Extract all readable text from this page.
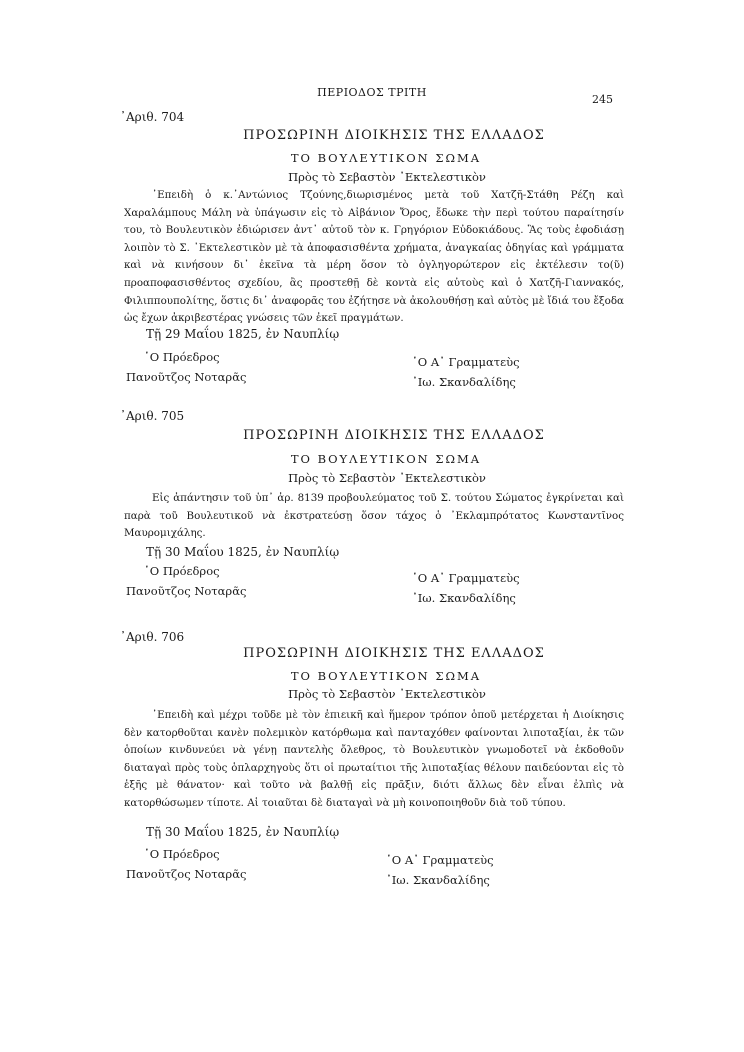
ΠΕΡΙΟΔΟΣ ΤΡΙΤΗ
245
᾽Αριθ. 704
ΠΡΟΣΩΡΙΝΗ ΔΙΟΙΚΗΣΙΣ ΤΗΣ ΕΛΛΑΔΟΣ
ΤΟ ΒΟΥΛΕΥΤΙΚΟΝ ΣΩΜΑ
Πρὸς τὸ Σεβαστὸν ᾽Εκτελεστικὸν
᾽Επειδὴ ὁ κ.᾽Αντώνιος Τζούνης,διωρισμένος μετὰ τοῦ Χατζῆ-Στάθη Ρέζη καὶ Χαραλάμπους Μάλη νὰ ὑπάγωσιν εἰς τὸ Αἰβάνιον Ὄρος, ἔδωκε τὴν περὶ τούτου παραίτησίν του, τὸ Βουλευτικὸν ἐδιώρισεν ἀντ᾽ αὐτοῦ τὸν κ. Γρηγόριον Εὐδοκιάδους. Ἂς τοὺς ἐφοδιάσῃ λοιπὸν τὸ Σ. ᾽Εκτελεστικὸν μὲ τὰ ἀποφασισθέντα χρήματα, ἀναγκαίας ὁδηγίας καὶ γράμματα καὶ νὰ κινήσουν δι᾽ ἐκεῖνα τὰ μέρη ὅσον τὸ ὀγληγορώτερον εἰς ἐκτέλεσιν το(ῦ) προαποφασισθέντος σχεδίου, ἂς προστεθῇ δὲ κοντὰ εἰς αὐτοὺς καὶ ὁ Χατζῆ-Γιαννακός, Φιλιππουπολίτης, ὅστις δι᾽ ἀναφορᾶς του ἐζήτησε νὰ ἀκολουθήσῃ καὶ αὐτὸς μὲ ἴδιά του ἔξοδα ὡς ἔχων ἀκριβεστέρας γνώσεις τῶν ἐκεῖ πραγμάτων.
Τῇ 29 Μαΐου 1825, ἐν Ναυπλίῳ
῾Ο Πρόεδρος
Πανοῦτζος Νοταρᾶς
῾Ο Α᾽ Γραμματεὺς
᾽Ιω. Σκανδαλίδης
᾽Αριθ. 705
ΠΡΟΣΩΡΙΝΗ ΔΙΟΙΚΗΣΙΣ ΤΗΣ ΕΛΛΑΔΟΣ
ΤΟ ΒΟΥΛΕΥΤΙΚΟΝ ΣΩΜΑ
Πρὸς τὸ Σεβαστὸν ᾽Εκτελεστικὸν
Εἰς ἀπάντησιν τοῦ ὑπ᾽ ἀρ. 8139 προβουλεύματος τοῦ Σ. τούτου Σώματος ἐγκρίνεται καὶ παρὰ τοῦ Βουλευτικοῦ νὰ ἐκστρατεύσῃ ὅσον τάχος ὁ ᾽Εκλαμπρότατος Κωνσταντῖνος Μαυρομιχάλης.
Τῇ 30 Μαΐου 1825, ἐν Ναυπλίῳ
῾Ο Πρόεδρος
Πανοῦτζος Νοταρᾶς
῾Ο Α᾽ Γραμματεὺς
᾽Ιω. Σκανδαλίδης
᾽Αριθ. 706
ΠΡΟΣΩΡΙΝΗ ΔΙΟΙΚΗΣΙΣ ΤΗΣ ΕΛΛΑΔΟΣ
ΤΟ ΒΟΥΛΕΥΤΙΚΟΝ ΣΩΜΑ
Πρὸς τὸ Σεβαστὸν ᾽Εκτελεστικὸν
᾽Επειδὴ καὶ μέχρι τοῦδε μὲ τὸν ἐπιεικῆ καὶ ἥμερον τρόπον ὁποῦ μετέρχεται ἡ Διοίκησις δὲν κατορθοῦται κανὲν πολεμικὸν κατόρθωμα καὶ πανταχόθεν φαίνονται λιποταξίαι, ἐκ τῶν ὁποίων κινδυνεύει νὰ γένῃ παντελὴς ὄλεθρος, τὸ Βουλευτικὸν γνωμοδοτεῖ νὰ ἐκδοθοῦν διαταγαὶ πρὸς τοὺς ὁπλαρχηγοὺς ὅτι οἱ πρωταίτιοι τῆς λιποταξίας θέλουν παιδεύονται εἰς τὸ ἑξῆς μὲ θάνατον· καὶ τοῦτο νὰ βαλθῇ εἰς πρᾶξιν, διότι ἄλλως δὲν εἶναι ἐλπὶς νὰ κατορθώσωμεν τίποτε. Αἱ τοιαῦται δὲ διαταγαὶ νὰ μὴ κοινοποιηθοῦν διὰ τοῦ τύπου.
Τῇ 30 Μαΐου 1825, ἐν Ναυπλίῳ
῾Ο Πρόεδρος
Πανοῦτζος Νοταρᾶς
῾Ο Α᾽ Γραμματεὺς
᾽Ιω. Σκανδαλίδης
